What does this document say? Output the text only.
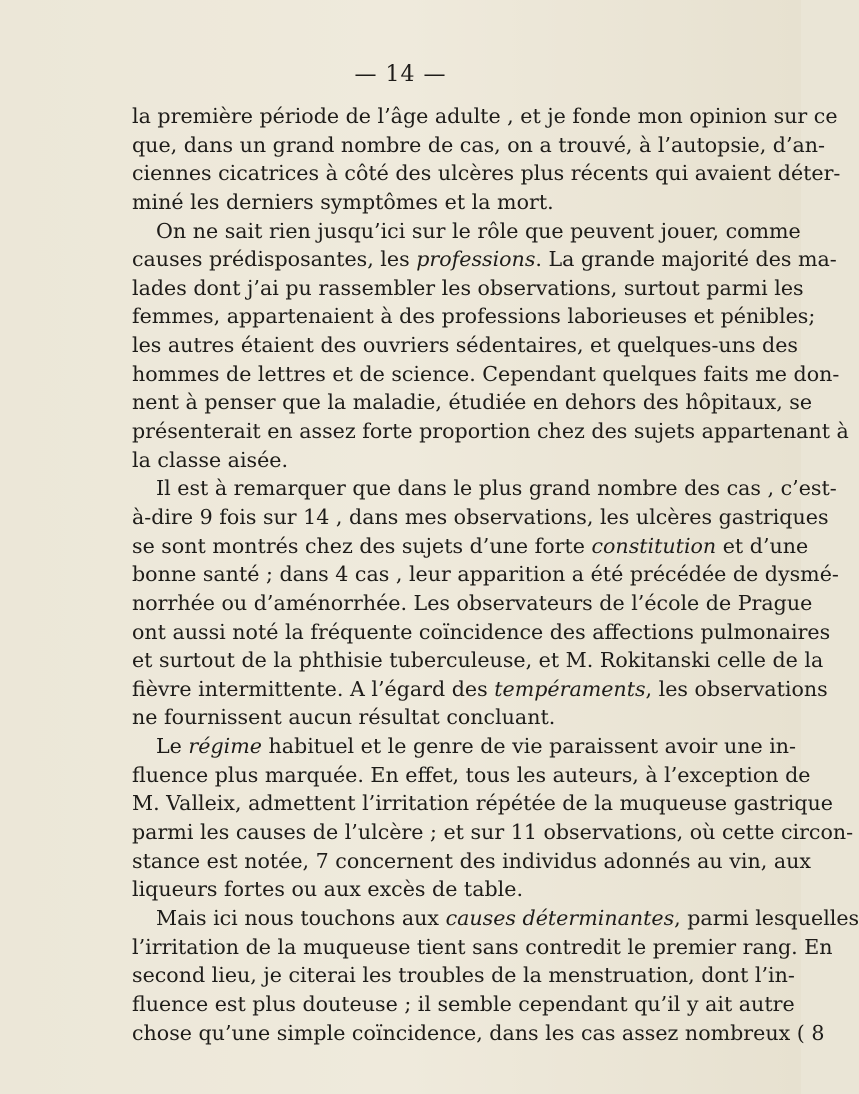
— 14 —
la première période de l’âge adulte , et je fonde mon opinion sur ce
que, dans un grand nombre de cas, on a trouvé, à l’autopsie, d’an-
ciennes cicatrices à côté des ulcères plus récents qui avaient déter-
miné les derniers symptômes et la mort.
On ne sait rien jusqu’ici sur le rôle que peuvent jouer, comme
causes prédisposantes, les professions. La grande majorité des ma-
lades dont j’ai pu rassembler les observations, surtout parmi les
femmes, appartenaient à des professions laborieuses et pénibles;
les autres étaient des ouvriers sédentaires, et quelques-uns des
hommes de lettres et de science. Cependant quelques faits me don-
nent à penser que la maladie, étudiée en dehors des hôpitaux, se
présenterait en assez forte proportion chez des sujets appartenant à
la classe aisée.
Il est à remarquer que dans le plus grand nombre des cas , c’est-
à-dire 9 fois sur 14 , dans mes observations, les ulcères gastriques
se sont montrés chez des sujets d’une forte constitution et d’une
bonne santé ; dans 4 cas , leur apparition a été précédée de dysmé-
norrhée ou d’aménorrhée. Les observateurs de l’école de Prague
ont aussi noté la fréquente coïncidence des affections pulmonaires
et surtout de la phthisie tuberculeuse, et M. Rokitanski celle de la
fièvre intermittente. A l’égard des tempéraments, les observations
ne fournissent aucun résultat concluant.
Le régime habituel et le genre de vie paraissent avoir une in-
fluence plus marquée. En effet, tous les auteurs, à l’exception de
M. Valleix, admettent l’irritation répétée de la muqueuse gastrique
parmi les causes de l’ulcère ; et sur 11 observations, où cette circon-
stance est notée, 7 concernent des individus adonnés au vin, aux
liqueurs fortes ou aux excès de table.
Mais ici nous touchons aux causes déterminantes, parmi lesquelles
l’irritation de la muqueuse tient sans contredit le premier rang. En
second lieu, je citerai les troubles de la menstruation, dont l’in-
fluence est plus douteuse ; il semble cependant qu’il y ait autre
chose qu’une simple coïncidence, dans les cas assez nombreux ( 8
